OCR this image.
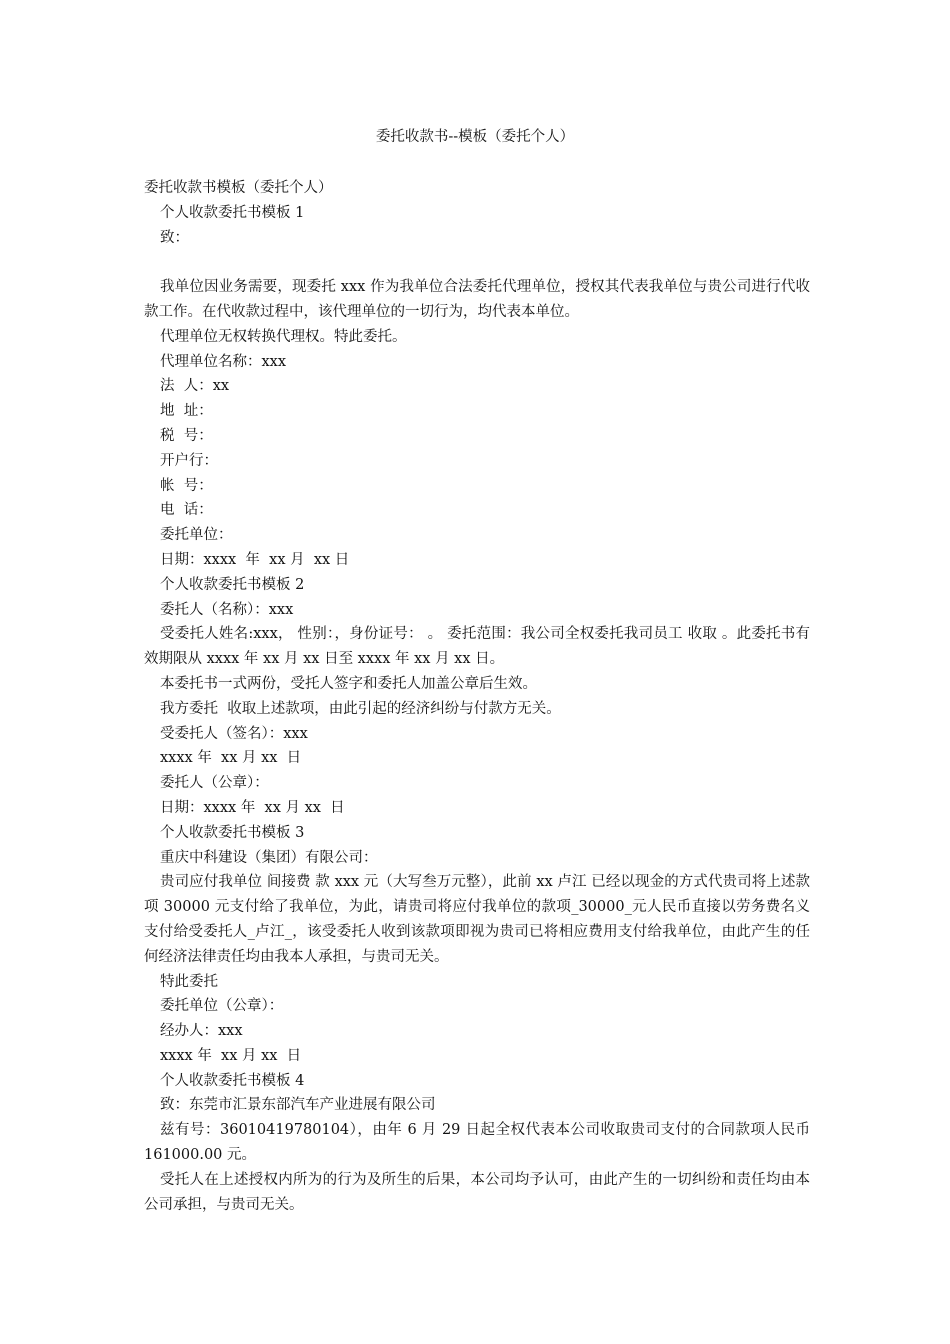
委托收款书--模板（委托个人）
委托收款书模板（委托个人）
个人收款委托书模板 1
致：

我单位因业务需要，现委托 xxx 作为我单位合法委托代理单位，授权其代表我单位与贵公司进行代收款工作。在代收款过程中，该代理单位的一切行为，均代表本单位。

代理单位无权转换代理权。特此委托。
代理单位名称：xxx
法  人：xx
地  址：
税  号：
开户行：
帐  号：
电  话：
委托单位：
日期：xxxx  年  xx 月  xx 日
个人收款委托书模板 2
委托人（名称）：xxx

受委托人姓名:xxx， 性别：，身份证号： 。 委托范围：我公司全权委托我司员工 收取 。此委托书有效期限从 xxxx 年 xx 月 xx 日至 xxxx 年 xx 月 xx 日。

本委托书一式两份，受托人签字和委托人加盖公章后生效。
我方委托  收取上述款项，由此引起的经济纠纷与付款方无关。
受委托人（签名）：xxx
xxxx 年  xx 月 xx  日
委托人（公章）：
日期：xxxx 年  xx 月 xx  日
个人收款委托书模板 3
重庆中科建设（集团）有限公司：

贵司应付我单位 间接费 款 xxx 元（大写叁万元整），此前 xx 卢江 已经以现金的方式代贵司将上述款项 30000 元支付给了我单位，为此，请贵司将应付我单位的款项_30000_元人民币直接以劳务费名义支付给受委托人_卢江_，该受委托人收到该款项即视为贵司已将相应费用支付给我单位，由此产生的任何经济法律责任均由我本人承担，与贵司无关。

特此委托
委托单位（公章）：
经办人：xxx
xxxx 年  xx 月 xx  日
个人收款委托书模板 4
致：东莞市汇景东部汽车产业进展有限公司

兹有号：36010419780104），由年 6 月 29 日起全权代表本公司收取贵司支付的合同款项人民币 161000.00 元。

受托人在上述授权内所为的行为及所生的后果，本公司均予认可，由此产生的一切纠纷和责任均由本公司承担，与贵司无关。
